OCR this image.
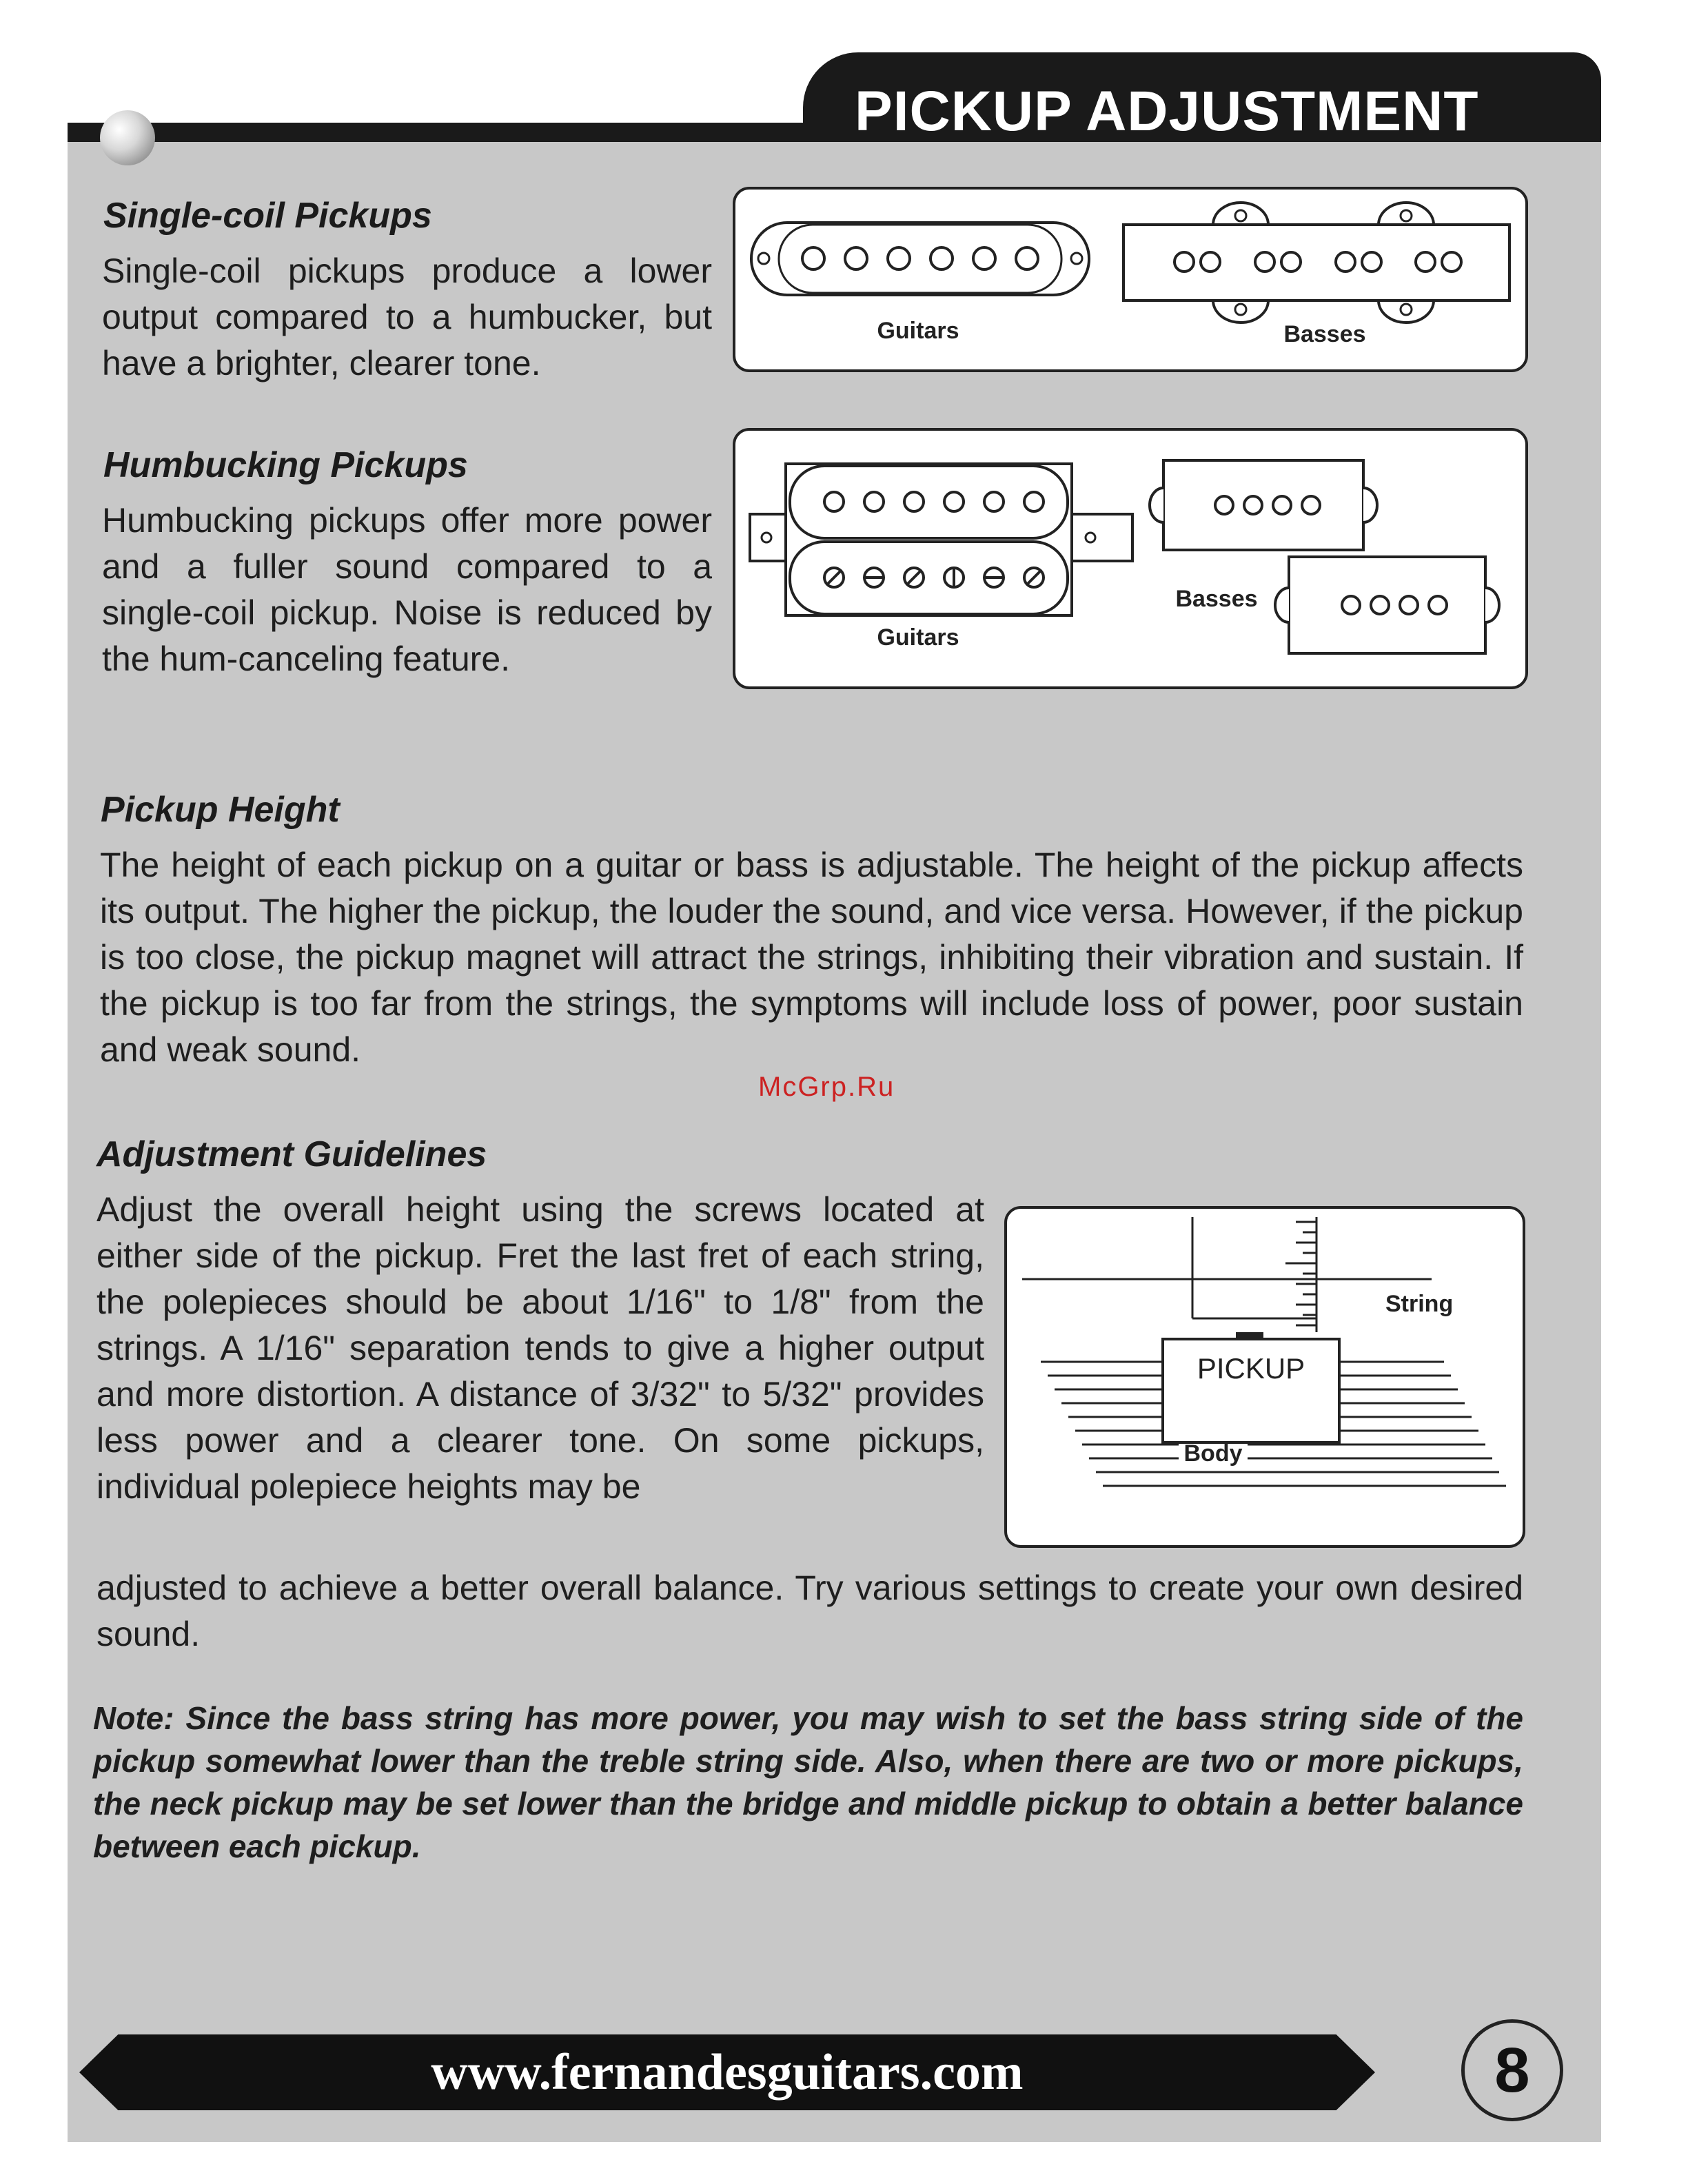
PICKUP ADJUSTMENT
Single-coil Pickups
Single-coil pickups produce a lower output compared to a humbucker, but have a brighter, clearer tone.
Guitars	Basses
Humbucking Pickups
Humbucking pickups offer more power and a fuller sound compared to a single-coil pickup. Noise is reduced by the hum-canceling feature.
Guitars
Basses
Pickup Height
The height of each pickup on a guitar or bass is adjustable. The height of the pickup affects its output. The higher the pickup, the louder the sound, and vice versa. However, if the pickup is too close, the pickup magnet will attract the strings, inhibiting their vibration and sustain. If the pickup is too far from the strings, the symptoms will include loss of power, poor sustain and weak sound.
McGrp.Ru
Adjustment Guidelines
Adjust the overall height using the screws located at either side of the pickup. Fret the last fret of each string, the polepieces should be about 1/16" to 1/8" from the strings. A 1/16" separation tends to give a higher output and more distortion. A distance of 3/32" to 5/32" provides less power and a clearer tone. On some pickups, individual polepiece heights may be
adjusted to achieve a better overall balance. Try various settings to create your own desired sound.
String
PICKUP
Body
Note: Since the bass string has more power, you may wish to set the bass string side of the pickup somewhat lower than the treble string side. Also, when there are two or more pickups, the neck pickup may be set lower than the bridge and middle pickup to obtain a better balance between each pickup.
www.fernandesguitars.com	8
